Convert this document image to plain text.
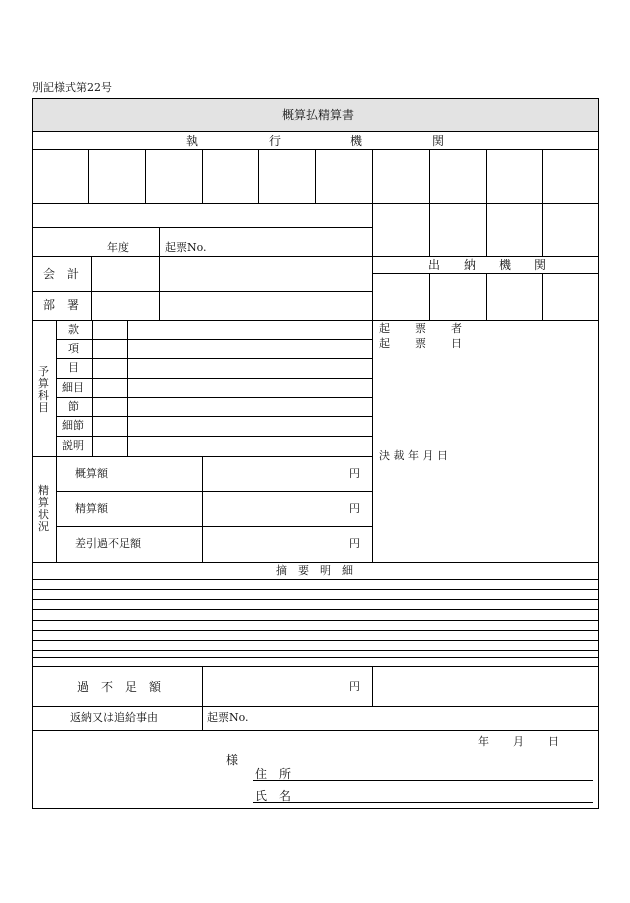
別記様式第22号
概算払精算書
執	行	機	関
年度	起票No.
会　計
部　署
出 納 機 関
予
算
科
目
款
項
目
細目
節
細節
説明
起 票 者
起 票 日
決 裁 年 月 日
精
算
状
況
概算額	円
精算額	円
差引過不足額	円
摘 要 明 細
過　不　足　額	円
返納又は追給事由	起票No.
年 月 日
様
住　所
氏　名
